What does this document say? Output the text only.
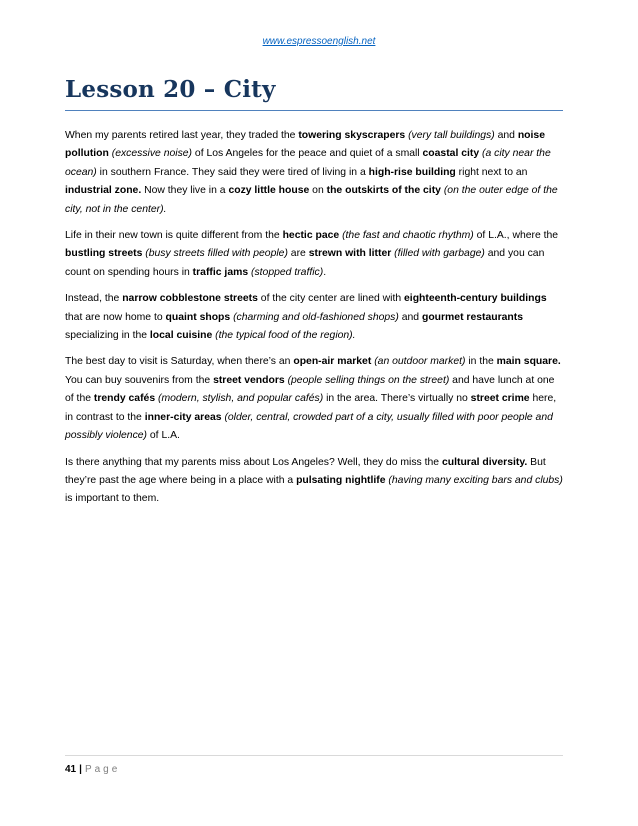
www.espressoenglish.net
Lesson 20 – City

When my parents retired last year, they traded the towering skyscrapers (very tall buildings) and noise pollution (excessive noise) of Los Angeles for the peace and quiet of a small coastal city (a city near the ocean) in southern France. They said they were tired of living in a high-rise building right next to an industrial zone. Now they live in a cozy little house on the outskirts of the city (on the outer edge of the city, not in the center).

Life in their new town is quite different from the hectic pace (the fast and chaotic rhythm) of L.A., where the bustling streets (busy streets filled with people) are strewn with litter (filled with garbage) and you can count on spending hours in traffic jams (stopped traffic).

Instead, the narrow cobblestone streets of the city center are lined with eighteenth-century buildings that are now home to quaint shops (charming and old-fashioned shops) and gourmet restaurants specializing in the local cuisine (the typical food of the region).

The best day to visit is Saturday, when there’s an open-air market (an outdoor market) in the main square. You can buy souvenirs from the street vendors (people selling things on the street) and have lunch at one of the trendy cafés (modern, stylish, and popular cafés) in the area. There’s virtually no street crime here, in contrast to the inner-city areas (older, central, crowded part of a city, usually filled with poor people and possibly violence) of L.A.

Is there anything that my parents miss about Los Angeles? Well, they do miss the cultural diversity. But they’re past the age where being in a place with a pulsating nightlife (having many exciting bars and clubs) is important to them.

41 | Page
